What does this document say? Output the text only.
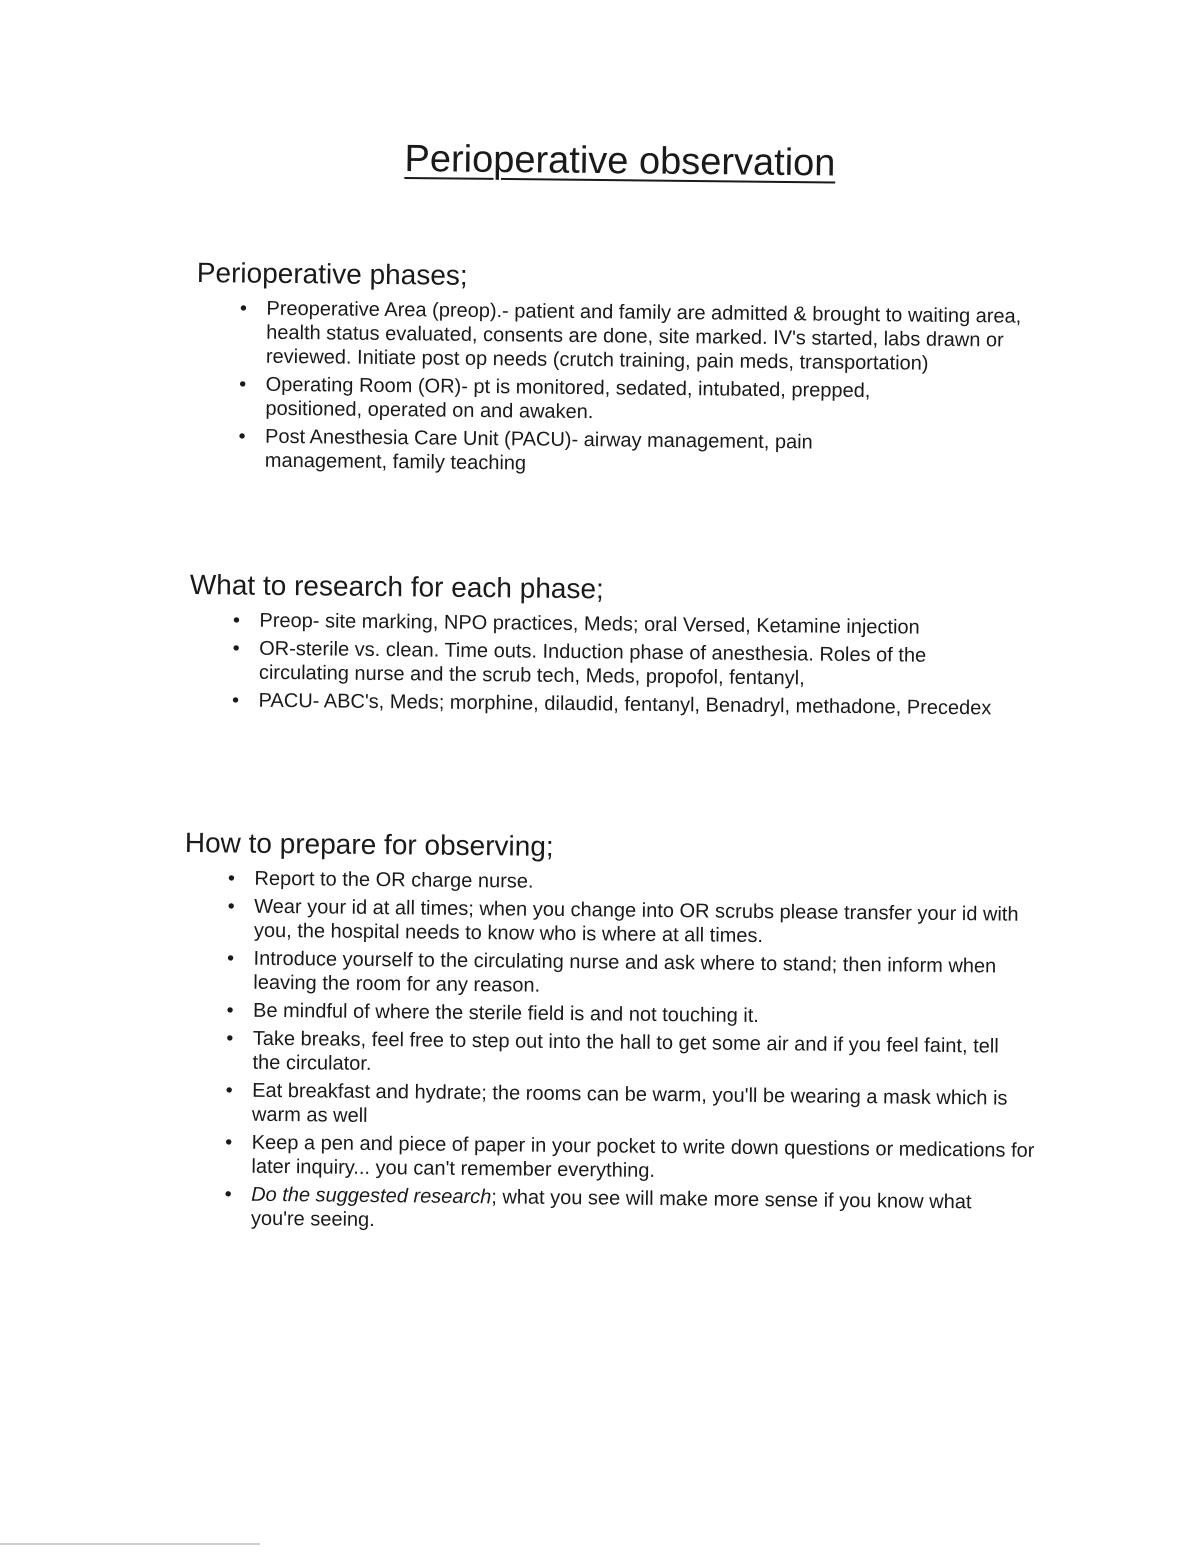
Perioperative observation
Perioperative phases;
• Preoperative Area (preop).- patient and family are admitted & brought to waiting area, health status evaluated, consents are done, site marked. IV's started, labs drawn or reviewed. Initiate post op needs (crutch training, pain meds, transportation)
• Operating Room (OR)- pt is monitored, sedated, intubated, prepped, positioned, operated on and awaken.
• Post Anesthesia Care Unit (PACU)- airway management, pain management, family teaching
What to research for each phase;
• Preop- site marking, NPO practices, Meds; oral Versed, Ketamine injection
• OR-sterile vs. clean. Time outs. Induction phase of anesthesia. Roles of the circulating nurse and the scrub tech, Meds, propofol, fentanyl,
• PACU- ABC's, Meds; morphine, dilaudid, fentanyl, Benadryl, methadone, Precedex
How to prepare for observing;
• Report to the OR charge nurse.
• Wear your id at all times; when you change into OR scrubs please transfer your id with you, the hospital needs to know who is where at all times.
• Introduce yourself to the circulating nurse and ask where to stand; then inform when leaving the room for any reason.
• Be mindful of where the sterile field is and not touching it.
• Take breaks, feel free to step out into the hall to get some air and if you feel faint, tell the circulator.
• Eat breakfast and hydrate; the rooms can be warm, you'll be wearing a mask which is warm as well
• Keep a pen and piece of paper in your pocket to write down questions or medications for later inquiry... you can't remember everything.
• Do the suggested research; what you see will make more sense if you know what you're seeing.
